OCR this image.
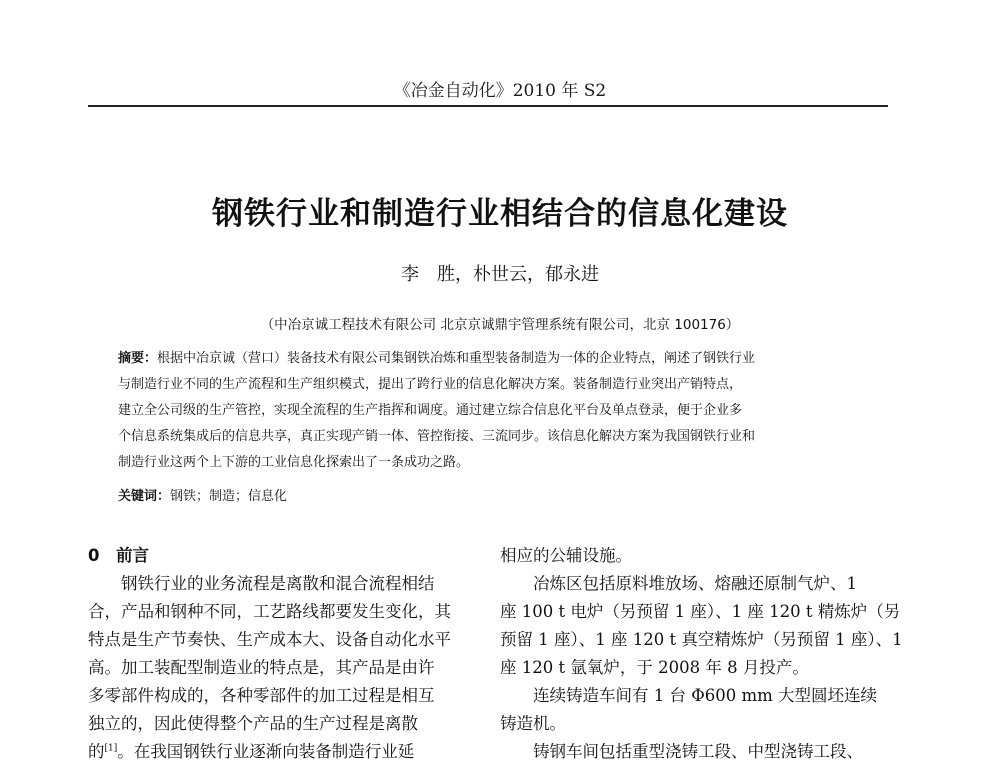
《冶金自动化》2010 年 S2
钢铁行业和制造行业相结合的信息化建设
李　胜，朴世云，郁永进
（中冶京诚工程技术有限公司 北京京诚鼎宇管理系统有限公司，北京 100176）
摘要：根据中冶京诚（营口）装备技术有限公司集钢铁冶炼和重型装备制造为一体的企业特点，阐述了钢铁行业
与制造行业不同的生产流程和生产组织模式，提出了跨行业的信息化解决方案。装备制造行业突出产销特点，
建立全公司级的生产管控，实现全流程的生产指挥和调度。通过建立综合信息化平台及单点登录，便于企业多
个信息系统集成后的信息共享，真正实现产销一体、管控衔接、三流同步。该信息化解决方案为我国钢铁行业和
制造行业这两个上下游的工业信息化探索出了一条成功之路。
关键词：钢铁；制造；信息化
0 前言
　　钢铁行业的业务流程是离散和混合流程相结
合，产品和钢种不同，工艺路线都要发生变化，其
特点是生产节奏快、生产成本大、设备自动化水平
高。加工装配型制造业的特点是，其产品是由许
多零部件构成的，各种零部件的加工过程是相互
独立的，因此使得整个产品的生产过程是离散
的[1]。在我国钢铁行业逐渐向装备制造行业延
相应的公辅设施。
　　冶炼区包括原料堆放场、熔融还原制气炉、1
座 100 t 电炉（另预留 1 座）、1 座 120 t 精炼炉（另
预留 1 座）、1 座 120 t 真空精炼炉（另预留 1 座）、1
座 120 t 氩氧炉，于 2008 年 8 月投产。
　　连续铸造车间有 1 台 Φ600 mm 大型圆坯连续
铸造机。
　　铸钢车间包括重型浇铸工段、中型浇铸工段、
